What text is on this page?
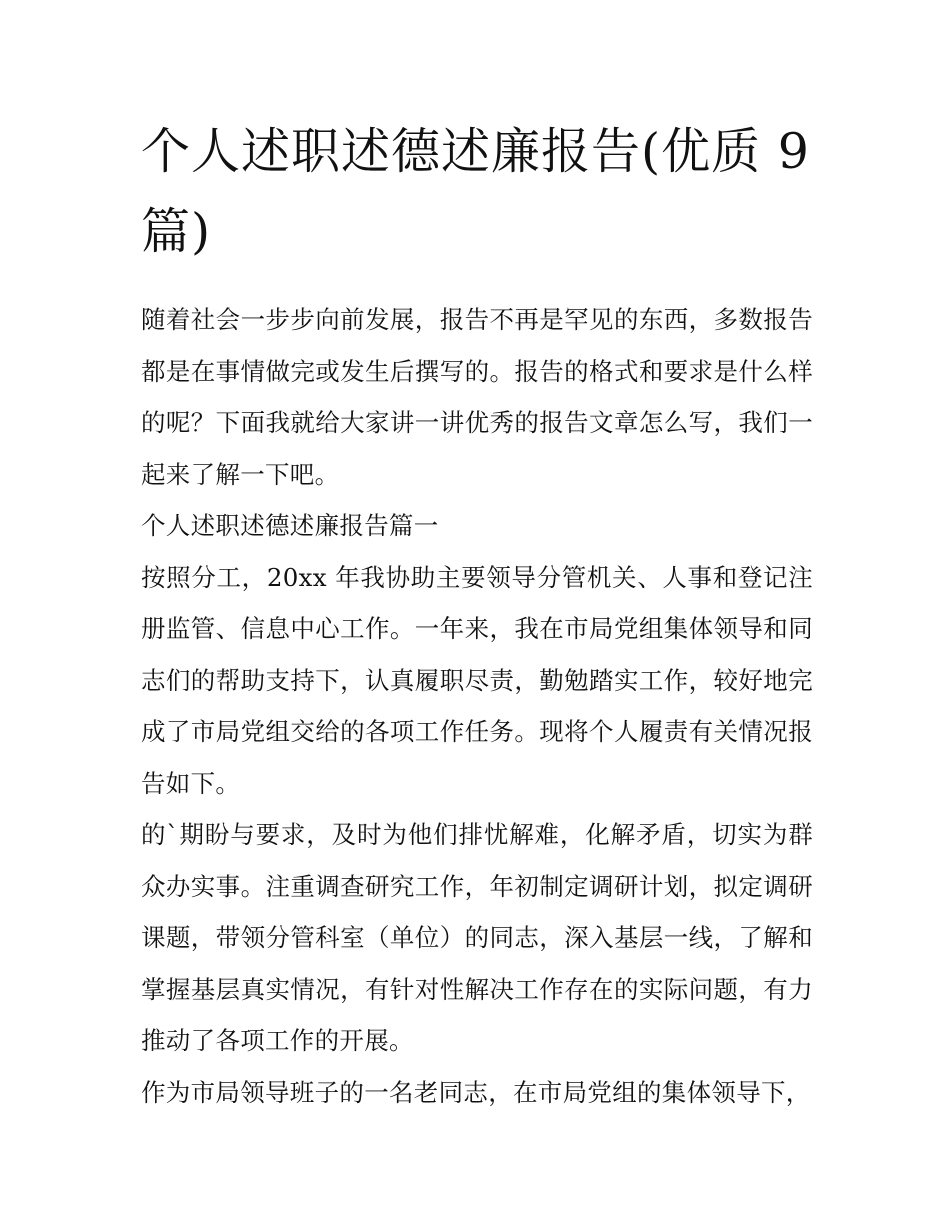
个人述职述德述廉报告(优质 9 篇)

随着社会一步步向前发展，报告不再是罕见的东西，多数报告都是在事情做完或发生后撰写的。报告的格式和要求是什么样的呢？下面我就给大家讲一讲优秀的报告文章怎么写，我们一起来了解一下吧。

个人述职述德述廉报告篇一

按照分工，20xx 年我协助主要领导分管机关、人事和登记注册监管、信息中心工作。一年来，我在市局党组集体领导和同志们的帮助支持下，认真履职尽责，勤勉踏实工作，较好地完成了市局党组交给的各项工作任务。现将个人履责有关情况报告如下。

的`期盼与要求，及时为他们排忧解难，化解矛盾，切实为群众办实事。注重调查研究工作，年初制定调研计划，拟定调研课题，带领分管科室（单位）的同志，深入基层一线，了解和掌握基层真实情况，有针对性解决工作存在的实际问题，有力推动了各项工作的开展。

作为市局领导班子的一名老同志，在市局党组的集体领导下，
